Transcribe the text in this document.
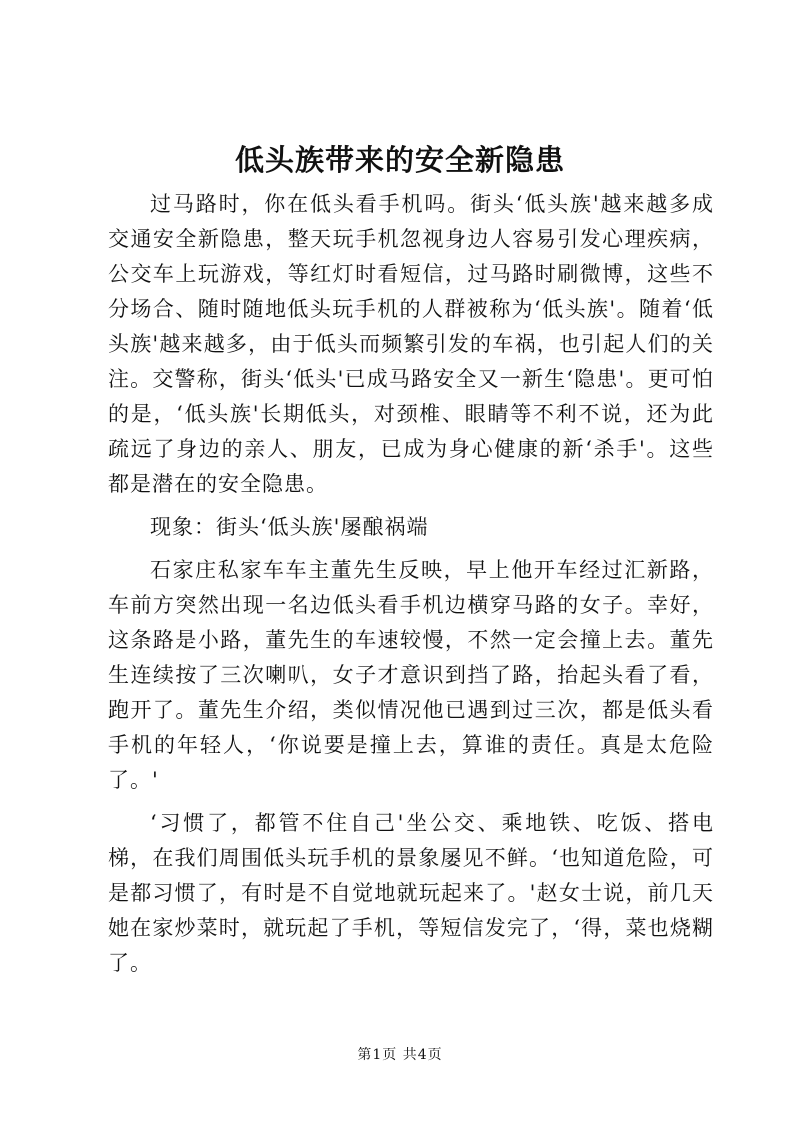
低头族带来的安全新隐患

过马路时，你在低头看手机吗。街头‘低头族'越来越多成交通安全新隐患，整天玩手机忽视身边人容易引发心理疾病，公交车上玩游戏，等红灯时看短信，过马路时刷微博，这些不分场合、随时随地低头玩手机的人群被称为‘低头族'。随着‘低头族'越来越多，由于低头而频繁引发的车祸，也引起人们的关注。交警称，街头‘低头'已成马路安全又一新生‘隐患'。更可怕的是，‘低头族'长期低头，对颈椎、眼睛等不利不说，还为此疏远了身边的亲人、朋友，已成为身心健康的新‘杀手'。这些都是潜在的安全隐患。

现象：街头‘低头族'屡酿祸端

石家庄私家车车主董先生反映，早上他开车经过汇新路，车前方突然出现一名边低头看手机边横穿马路的女子。幸好，这条路是小路，董先生的车速较慢，不然一定会撞上去。董先生连续按了三次喇叭，女子才意识到挡了路，抬起头看了看，跑开了。董先生介绍，类似情况他已遇到过三次，都是低头看手机的年轻人，‘你说要是撞上去，算谁的责任。真是太危险了。'

‘习惯了，都管不住自己'坐公交、乘地铁、吃饭、搭电梯，在我们周围低头玩手机的景象屡见不鲜。‘也知道危险，可是都习惯了，有时是不自觉地就玩起来了。'赵女士说，前几天她在家炒菜时，就玩起了手机，等短信发完了，‘得，菜也烧糊了。

第1页 共4页
